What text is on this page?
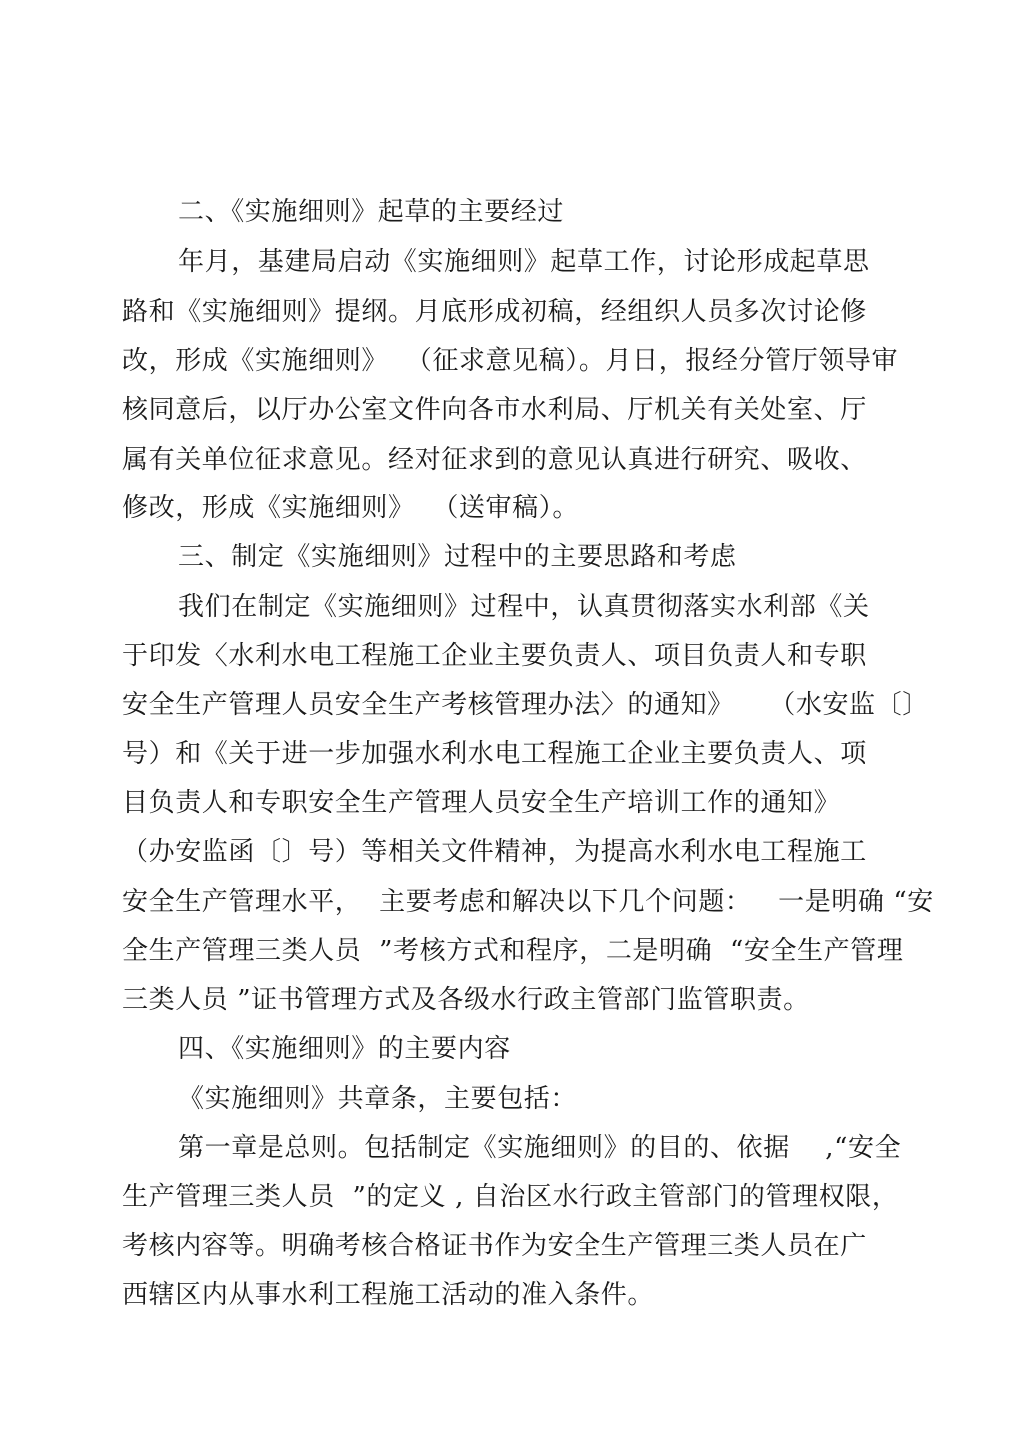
二、《实施细则》起草的主要经过
年月，基建局启动《实施细则》起草工作，讨论形成起草思
路和《实施细则》提纲。月底形成初稿，经组织人员多次讨论修
改，形成《实施细则》  （征求意见稿）。月日，报经分管厅领导审
核同意后，以厅办公室文件向各市水利局、厅机关有关处室、厅
属有关单位征求意见。经对征求到的意见认真进行研究、吸收、
修改，形成《实施细则》  （送审稿）。
三、制定《实施细则》过程中的主要思路和考虑
我们在制定《实施细则》过程中，认真贯彻落实水利部《关
于印发〈水利水电工程施工企业主要负责人、项目负责人和专职
安全生产管理人员安全生产考核管理办法〉的通知》    （水安监〔〕
号）和《关于进一步加强水利水电工程施工企业主要负责人、项
目负责人和专职安全生产管理人员安全生产培训工作的通知》
（办安监函〔〕号）等相关文件精神，为提高水利水电工程施工
安全生产管理水平，  主要考虑和解决以下几个问题：   一是明确 “安
全生产管理三类人员  ”考核方式和程序，二是明确  “安全生产管理
三类人员 ”证书管理方式及各级水行政主管部门监管职责。
四、《实施细则》的主要内容
《实施细则》共章条，主要包括：
第一章是总则。包括制定《实施细则》的目的、依据    ,“安全
生产管理三类人员  ”的定义 , 自治区水行政主管部门的管理权限，
考核内容等。明确考核合格证书作为安全生产管理三类人员在广
西辖区内从事水利工程施工活动的准入条件。
